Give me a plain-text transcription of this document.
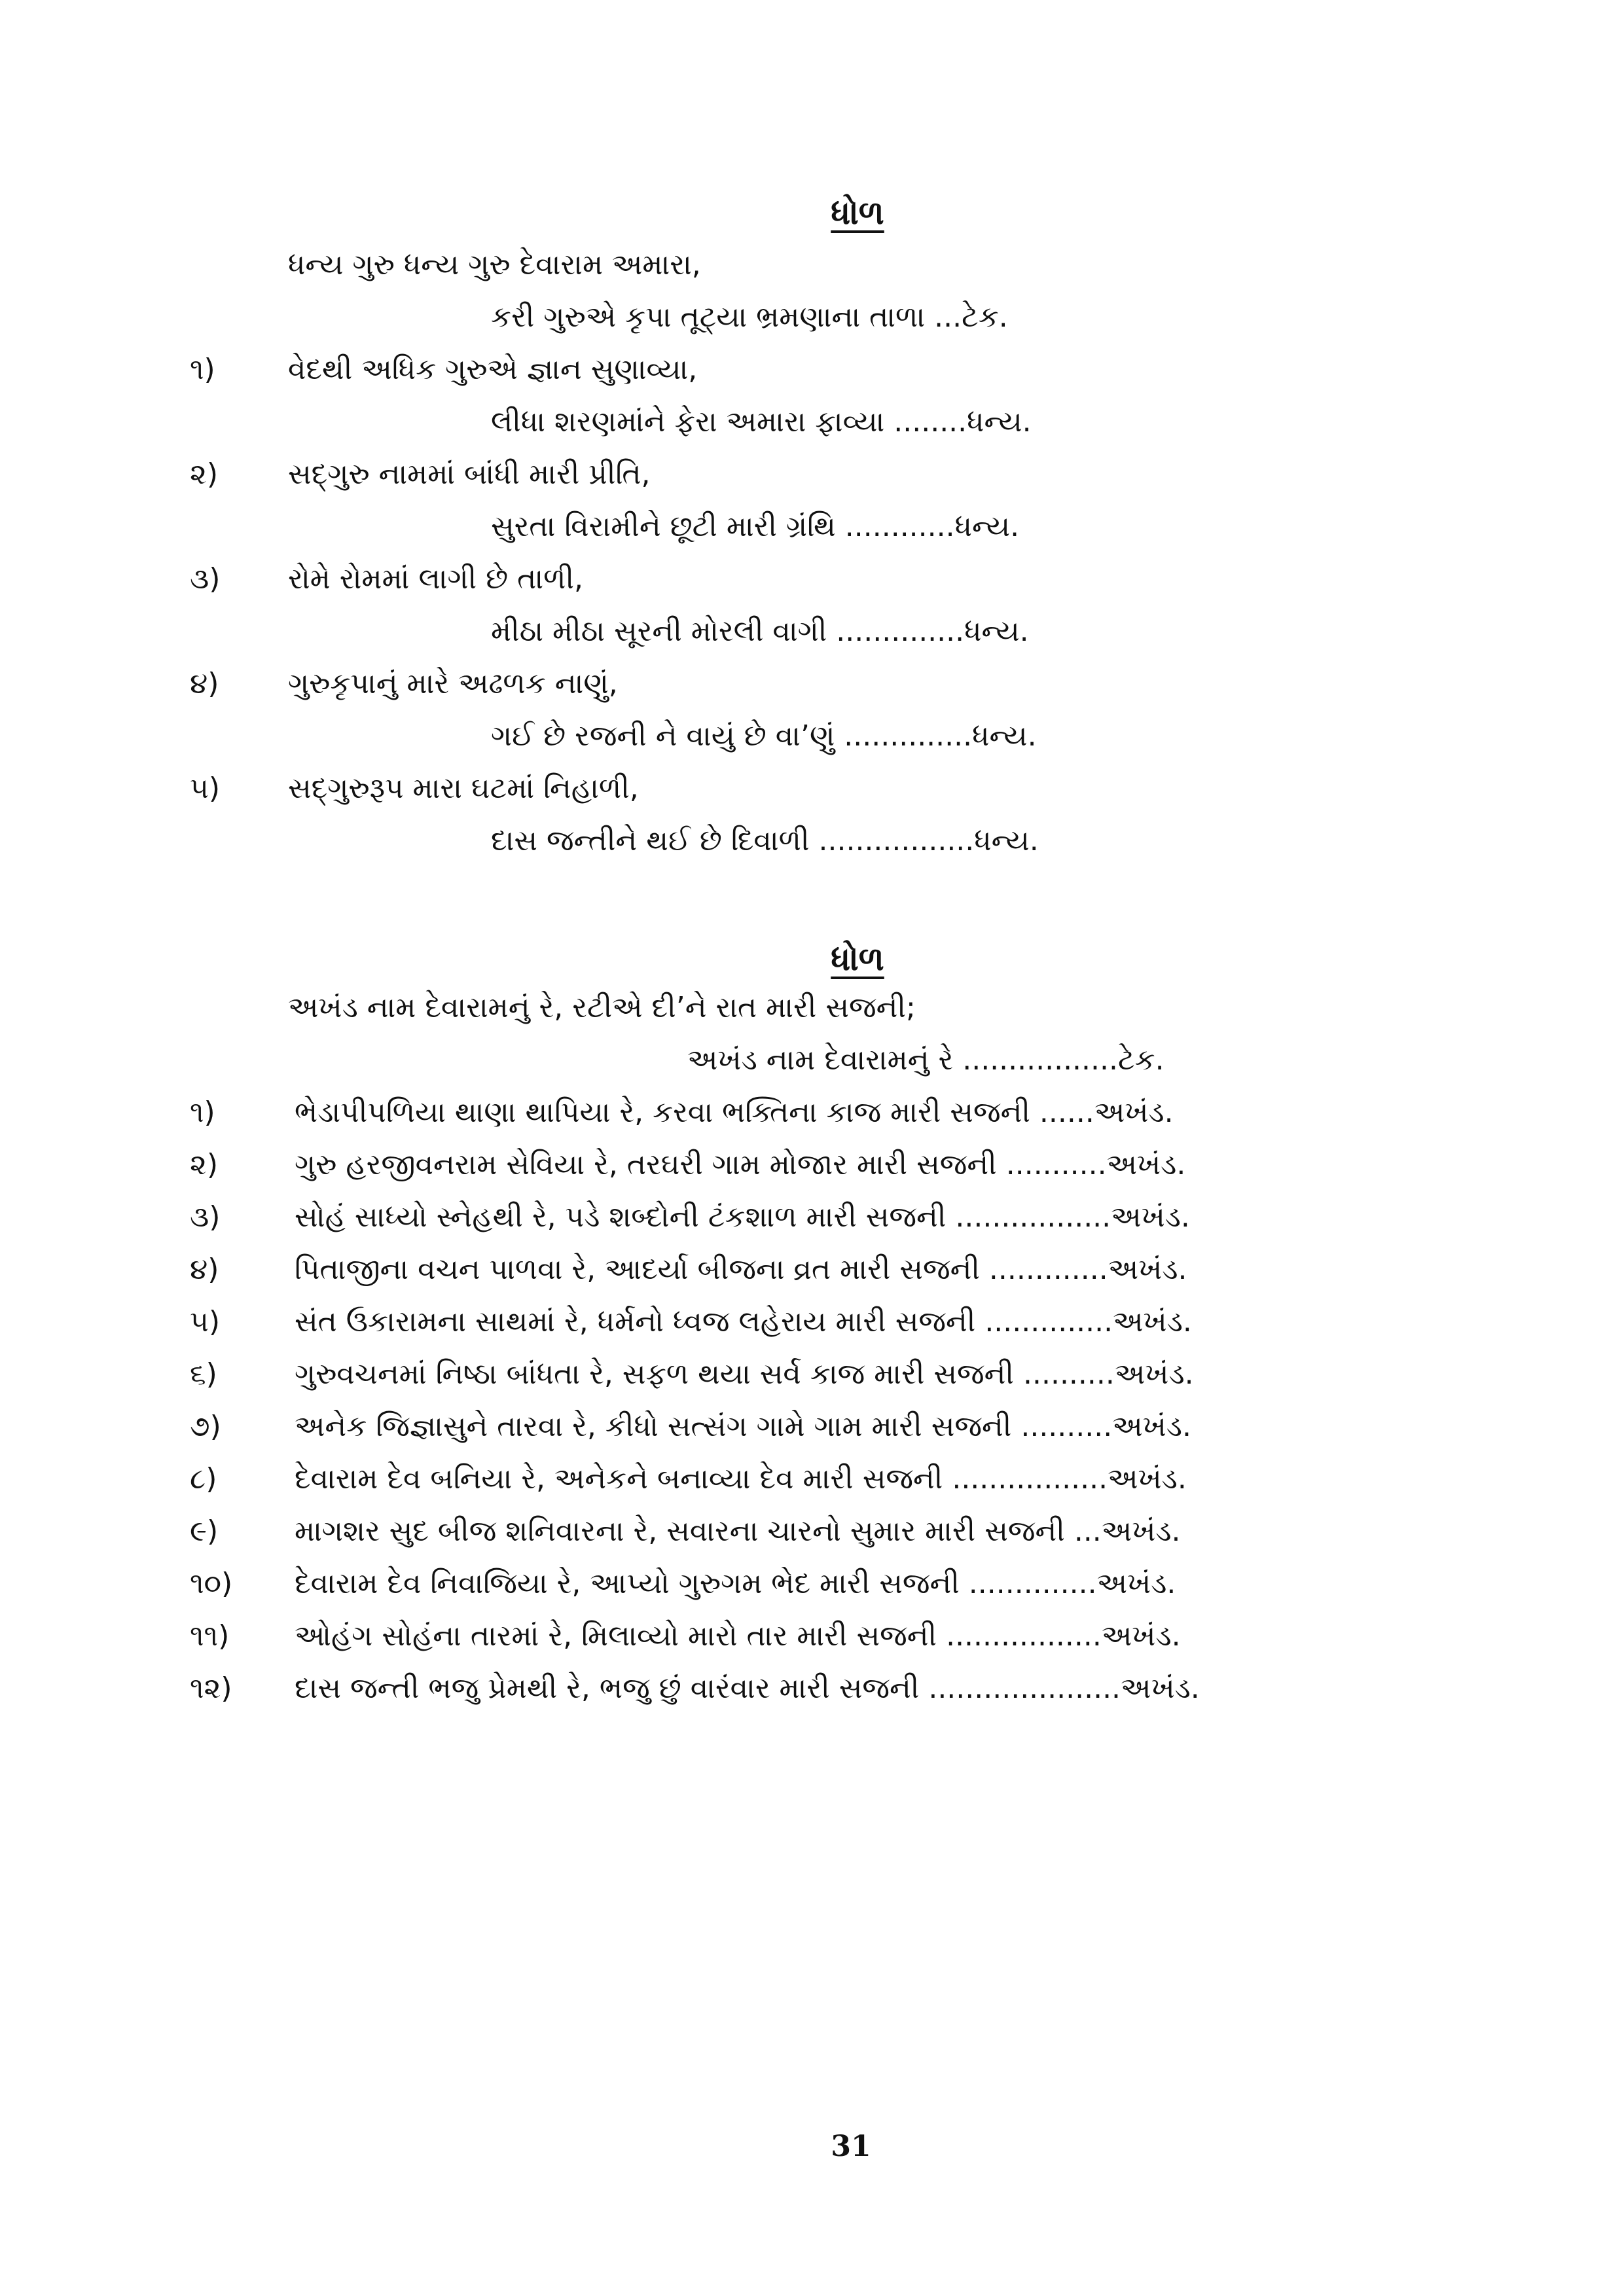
ધોળ
ધન્ય ગુરુ ધન્ય ગુરુ દેવારામ અમારા,
કરી ગુરુએ કૃપા તૂટ્યા ભ્રમણાના તાળા ...ટેક.
૧)	વેદથી અધિક ગુરુએ જ્ઞાન સુણાવ્યા,
લીધા શરણમાંને ફેરા અમારા ફાવ્યા ........ધન્ય.
૨) સદ્‌ગુરુ નામમાં બાંધી મારી પ્રીતિ,
સુરતા વિરામીને છૂટી મારી ગ્રંથિ ............ધન્ય.
૩) રોમે રોમમાં લાગી છે તાળી,
મીઠા મીઠા સૂરની મોરલી વાગી ..............ધન્ય.
૪) ગુરુકૃપાનું મારે અઢળક નાણું,
ગઈ છે રજની ને વાયું છે વા’ણું ..............ધન્ય.
૫) સદ્‌ગુરુરૂપ મારા ઘટમાં નિહાળી,
દાસ જન્તીને થઈ છે દિવાળી .................ધન્ય.
ધોળ
અખંડ નામ દેવારામનું રે, રટીએ દી’ને રાત મારી સજની;
અખંડ નામ દેવારામનું રે .................ટેક.
૧)	ભેડાપીપળિયા થાણા થાપિયા રે, કરવા ભક્તિના કાજ મારી સજની ......અખંડ.
૨)	ગુરુ હરજીવનરામ સેવિયા રે, તરઘરી ગામ મોજાર મારી સજની ...........અખંડ.
૩)	સોહં સાધ્યો સ્નેહથી રે, પડે શબ્દોની ટંકશાળ મારી સજની .................અખંડ.
૪)	પિતાજીના વચન પાળવા રે, આદર્યા બીજના વ્રત મારી સજની .............અખંડ.
૫)	સંત ઉકારામના સાથમાં રે, ધર્મનો ધ્વજ લહેરાય મારી સજની ..............અખંડ.
૬)	ગુરુવચનમાં નિષ્ઠા બાંધતા રે, સફળ થયા સર્વ કાજ મારી સજની ..........અખંડ.
૭)	અનેક જિજ્ઞાસુને તારવા રે, કીધો સત્સંગ ગામે ગામ મારી સજની ..........અખંડ.
૮)	દેવારામ દેવ બનિયા રે, અનેકને બનાવ્યા દેવ મારી સજની .................અખંડ.
૯)	માગશર સુદ બીજ શનિવારના રે, સવારના ચારનો સુમાર મારી સજની ...અખંડ.
૧૦) દેવારામ દેવ નિવાજિયા રે, આપ્યો ગુરુગમ ભેદ મારી સજની ..............અખંડ.
૧૧) ઓહંગ સોહંના તારમાં રે, મિલાવ્યો મારો તાર મારી સજની .................અખંડ.
૧૨) દાસ જન્તી ભજુ પ્રેમથી રે, ભજુ છું વારંવાર મારી સજની .....................અખંડ.
31
